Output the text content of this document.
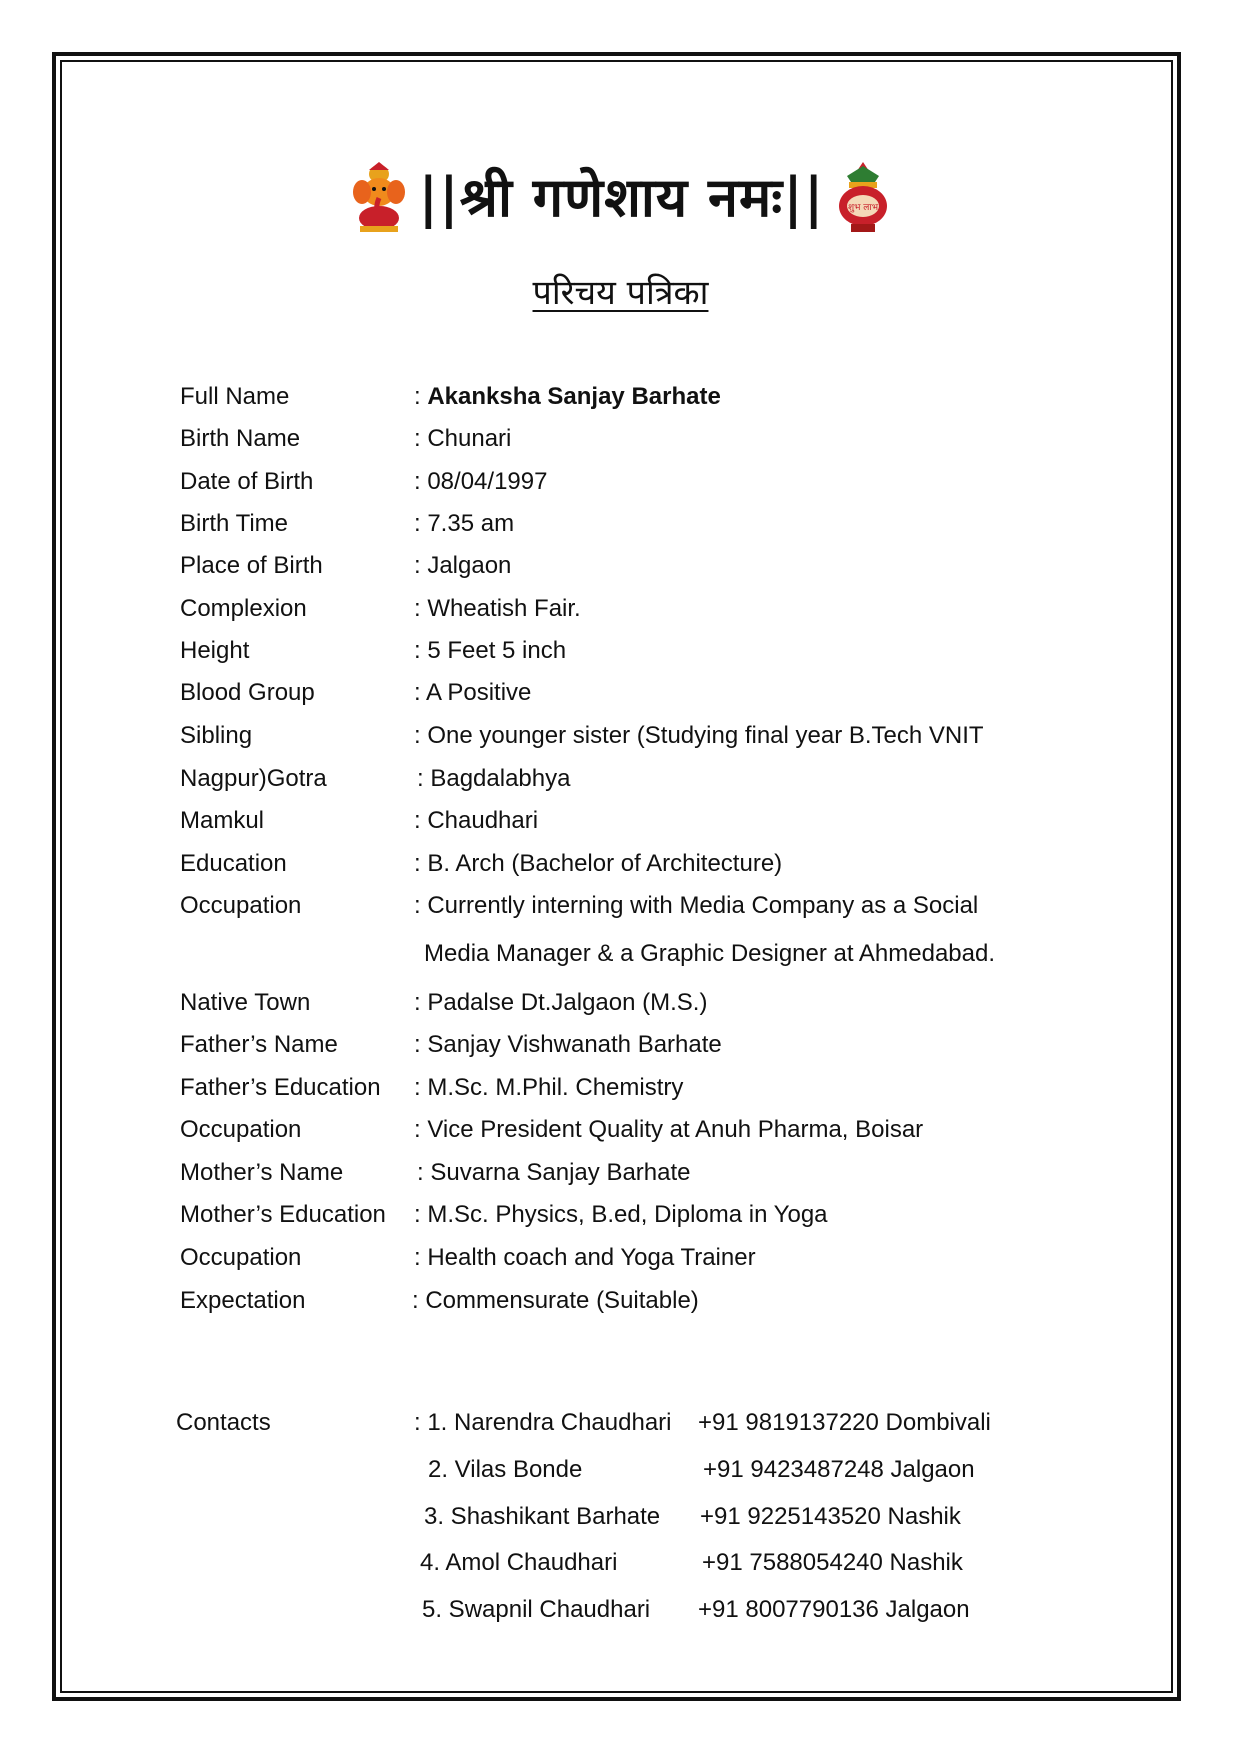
||श्री गणेशाय नमः||	शुभ लाभ
परिचय पत्रिका
Full Name	: Akanksha Sanjay Barhate
Birth Name	: Chunari
Date of Birth	: 08/04/1997
Birth Time	: 7.35 am
Place of Birth	: Jalgaon
Complexion	: Wheatish Fair.
Height	: 5 Feet 5 inch
Blood Group	: A Positive
Sibling	: One younger sister (Studying final year B.Tech VNIT
Nagpur)Gotra	: Bagdalabhya
Mamkul	: Chaudhari
Education	: B. Arch (Bachelor of Architecture)
Occupation	: Currently interning with Media Company as a Social
Media Manager & a Graphic Designer at Ahmedabad.
Native Town	: Padalse Dt.Jalgaon (M.S.)
Father’s Name	: Sanjay Vishwanath Barhate
Father’s Education : M.Sc. M.Phil. Chemistry
Occupation	: Vice President Quality at Anuh Pharma, Boisar
Mother’s Name	: Suvarna Sanjay Barhate
Mother’s Education : M.Sc. Physics, B.ed, Diploma in Yoga
Occupation	: Health coach and Yoga Trainer
Expectation	: Commensurate (Suitable)
Contacts	: 1. Narendra Chaudhari +91 9819137220 Dombivali
2. Vilas Bonde	+91 9423487248 Jalgaon
3. Shashikant Barhate +91 9225143520 Nashik
4. Amol Chaudhari	+91 7588054240 Nashik
5. Swapnil Chaudhari +91 8007790136 Jalgaon
